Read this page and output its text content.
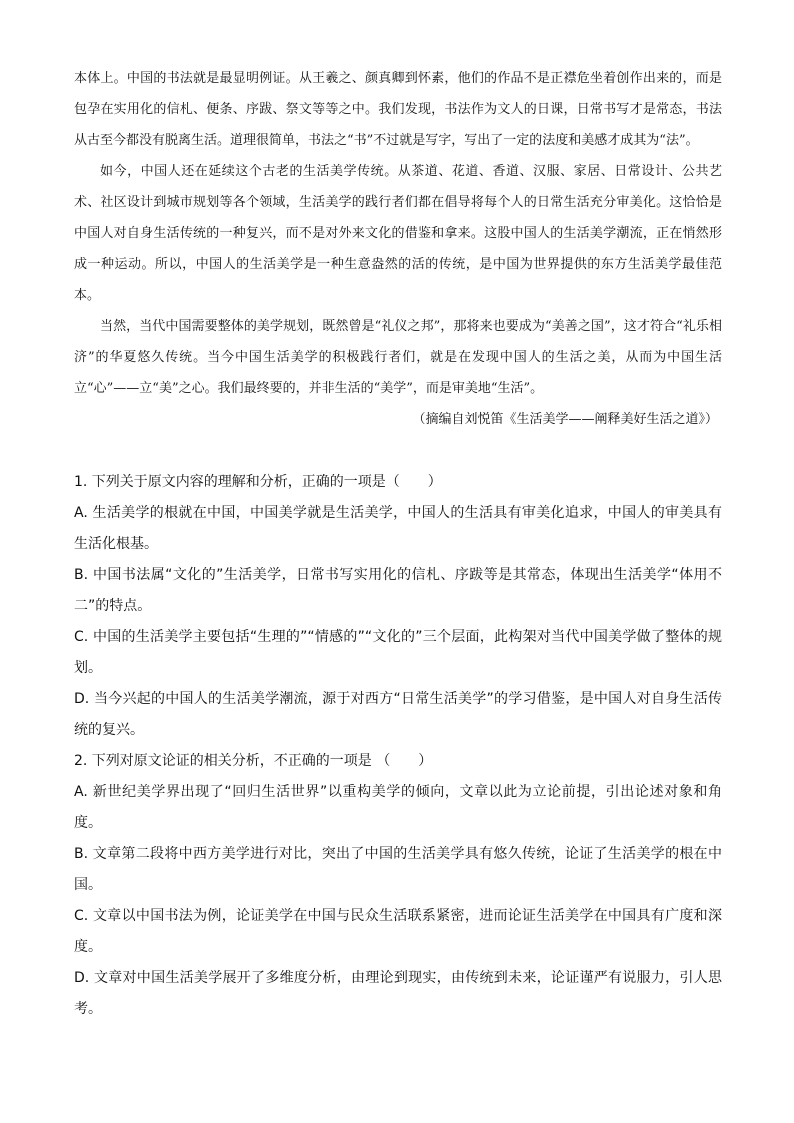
本体上。中国的书法就是最显明例证。从王羲之、颜真卿到怀素，他们的作品不是正襟危坐着创作出来的，而是包孕在实用化的信札、便条、序跋、祭文等等之中。我们发现，书法作为文人的日课，日常书写才是常态，书法从古至今都没有脱离生活。道理很简单，书法之“书”不过就是写字，写出了一定的法度和美感才成其为“法”。

如今，中国人还在延续这个古老的生活美学传统。从茶道、花道、香道、汉服、家居、日常设计、公共艺术、社区设计到城市规划等各个领域，生活美学的践行者们都在倡导将每个人的日常生活充分审美化。这恰恰是中国人对自身生活传统的一种复兴，而不是对外来文化的借鉴和拿来。这股中国人的生活美学潮流，正在悄然形成一种运动。所以，中国人的生活美学是一种生意盎然的活的传统，是中国为世界提供的东方生活美学最佳范本。

当然，当代中国需要整体的美学规划，既然曾是“礼仪之邦”，那将来也要成为“美善之国”，这才符合“礼乐相济”的华夏悠久传统。当今中国生活美学的积极践行者们，就是在发现中国人的生活之美，从而为中国生活立“心”——立“美”之心。我们最终要的，并非生活的“美学”，而是审美地“生活”。

（摘编自刘悦笛《生活美学——阐释美好生活之道》）

1. 下列关于原文内容的理解和分析，正确的一项是（　　）

A. 生活美学的根就在中国，中国美学就是生活美学，中国人的生活具有审美化追求，中国人的审美具有生活化根基。

B. 中国书法属“文化的”生活美学，日常书写实用化的信札、序跋等是其常态，体现出生活美学“体用不二”的特点。

C. 中国的生活美学主要包括“生理的”“情感的”“文化的”三个层面，此构架对当代中国美学做了整体的规划。

D. 当今兴起的中国人的生活美学潮流，源于对西方“日常生活美学”的学习借鉴，是中国人对自身生活传统的复兴。

2. 下列对原文论证的相关分析，不正确的一项是 （　　）

A. 新世纪美学界出现了“回归生活世界”以重构美学的倾向，文章以此为立论前提，引出论述对象和角度。

B. 文章第二段将中西方美学进行对比，突出了中国的生活美学具有悠久传统，论证了生活美学的根在中国。

C. 文章以中国书法为例，论证美学在中国与民众生活联系紧密，进而论证生活美学在中国具有广度和深度。

D. 文章对中国生活美学展开了多维度分析，由理论到现实，由传统到未来，论证谨严有说服力，引人思考。
